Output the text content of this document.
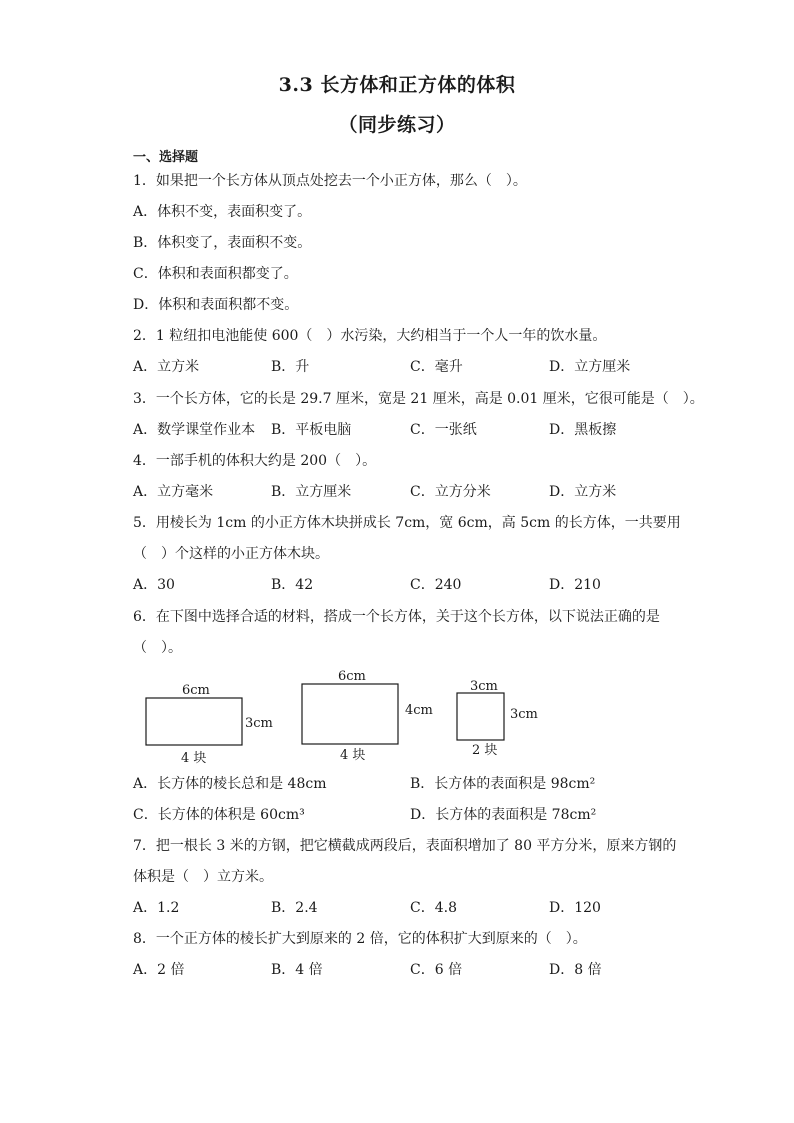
3.3 长方体和正方体的体积
（同步练习）
一、选择题
1．如果把一个长方体从顶点处挖去一个小正方体，那么（　）。
A．体积不变，表面积变了。
B．体积变了，表面积不变。
C．体积和表面积都变了。
D．体积和表面积都不变。
2．1 粒纽扣电池能使 600（　）水污染，大约相当于一个人一年的饮水量。
A．立方米	B．升	C．毫升	D．立方厘米
3．一个长方体，它的长是 29.7 厘米，宽是 21 厘米，高是 0.01 厘米，它很可能是（　）。
A．数学课堂作业本 B．平板电脑	C．一张纸	D．黑板擦
4．一部手机的体积大约是 200（　）。
A．立方毫米	B．立方厘米	C．立方分米	D．立方米
5．用棱长为 1cm 的小正方体木块拼成长 7cm，宽 6cm，高 5cm 的长方体，一共要用
（　）个这样的小正方体木块。
A．30	B．42	C．240	D．210
6．在下图中选择合适的材料，搭成一个长方体，关于这个长方体，以下说法正确的是
（　）。
6cm
3cm
4 块
6cm
4cm
4 块
3cm
3cm
2 块
A．长方体的棱长总和是 48cm	B．长方体的表面积是 98cm²
C．长方体的体积是 60cm³	D．长方体的表面积是 78cm²
7．把一根长 3 米的方钢，把它横截成两段后，表面积增加了 80 平方分米，原来方钢的
体积是（　）立方米。
A．1.2	B．2.4	C．4.8	D．120
8．一个正方体的棱长扩大到原来的 2 倍，它的体积扩大到原来的（　）。
A．2 倍	B．4 倍	C．6 倍	D．8 倍
